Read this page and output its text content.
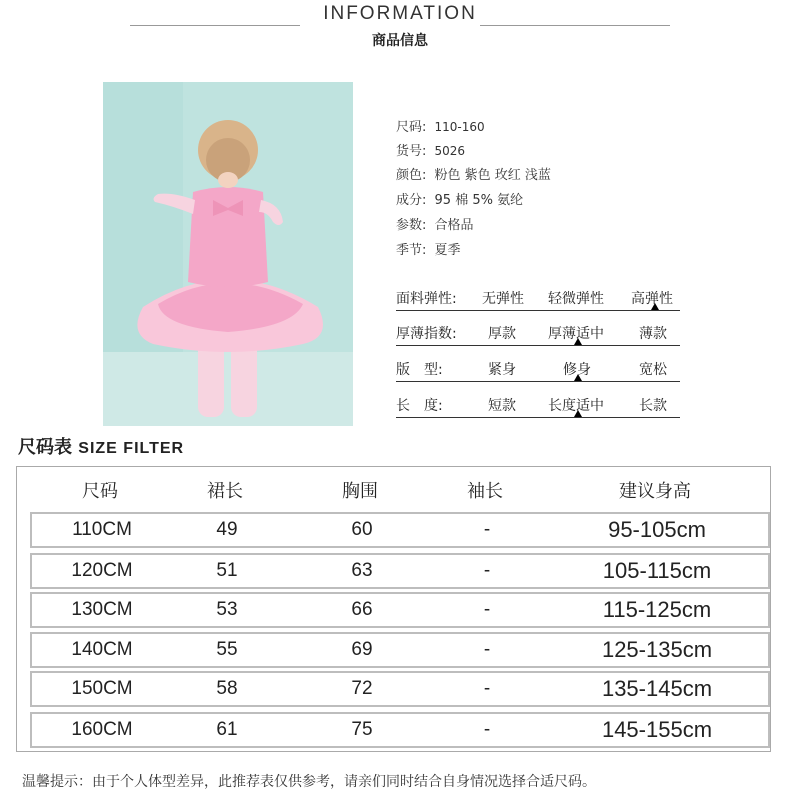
INFORMATION
商品信息
尺码: 110-160
货号: 5026
颜色: 粉色 紫色 玫红 浅蓝
成分: 95 棉 5% 氨纶
参数: 合格品
季节: 夏季
面料弹性: 无弹性 轻微弹性 高弹性
厚薄指数: 厚款 厚薄适中	薄款
版　型:	紧身	修身	宽松
长　度:	短款 长度适中	长款
尺码表 SIZE FILTER
尺码	裙长	胸围	袖长	建议身高
110CM	49	60	-	95-105cm
120CM	51	63	-	105-115cm
130CM	53	66	-	115-125cm
140CM	55	69	-	125-135cm
150CM	58	72	-	135-145cm
160CM	61	75	-	145-155cm
温馨提示：由于个人体型差异，此推荐表仅供参考，请亲们同时结合自身情况选择合适尺码。
